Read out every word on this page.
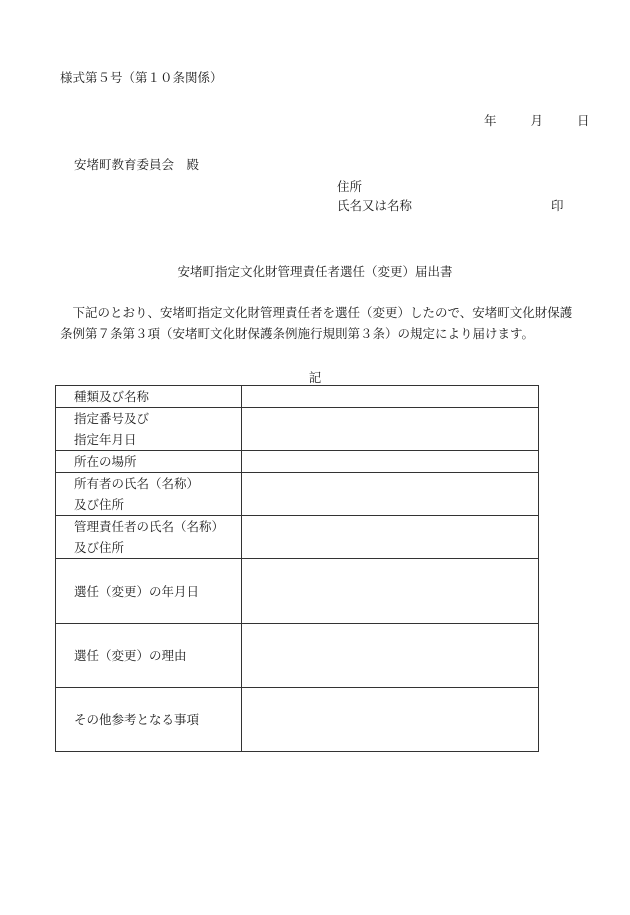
様式第５号（第１０条関係）
年	月	日
安堵町教育委員会　殿
住所
氏名又は名称	印
安堵町指定文化財管理責任者選任（変更）届出書

　下記のとおり、安堵町指定文化財管理責任者を選任（変更）したので、安堵町文化財保護

条例第７条第３項（安堵町文化財保護条例施行規則第３条）の規定により届けます。

記
種類及び名称	

指定番号及び
指定年月日	

所在の場所	

所有者の氏名（名称）
及び住所	

管理責任者の氏名（名称）
及び住所	

選任（変更）の年月日	

選任（変更）の理由	

その他参考となる事項	
